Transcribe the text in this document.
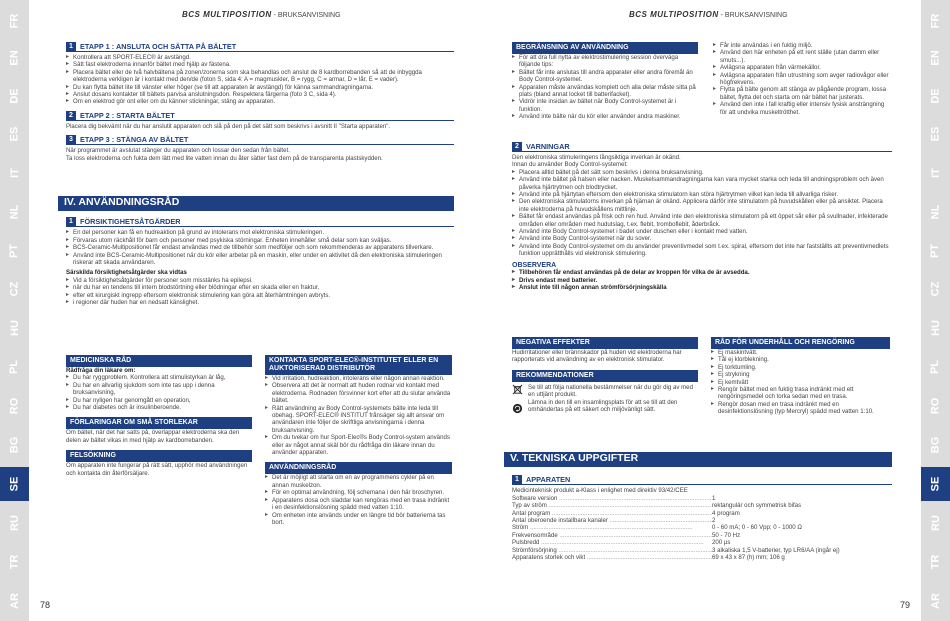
FR
EN
DE
ES
IT
NL
PT
CZ
HU
PL
RO
BG
SE
RU
TR
AR
FR
EN
DE
ES
IT
NL
PT
CZ
HU
PL
RO
BG
SE
RU
TR
AR
BCS MULTIPOSITION - BRUKSANVISNING	BCS MULTIPOSITION - BRUKSANVISNING
78	79
1 ETAPP 1 : ANSLUTA OCH SÄTTA PÅ BÄLTET
▸ Kontrollera att SPORT-ELEC® är avstängd.
▸ Sätt fast elektroderna innanför bältet med hjälp av fästena.
▸ Placera bältet eller de två halvbältena på zonen/zonerna som ska behandlas och anslut de 8 kardborrebanden så att de inbyggda elektroderna verkligen är i kontakt med den/de (foton S, sida 4: A = magmuskler, B = rygg, C = armar, D = lår, E = vader).
▸ Du kan flytta bältet lite till vänster eller höger (se till att apparaten är avstängd) för känna sammandragningarna.
▸ Anslut dosans kontakter till bältets parvisa anslutningsdon. Respektera färgerna (foto 3 C, sida 4).
▸ Om en elektrod gör ont eller om du känner stickningar, stäng av apparaten.
2 ETAPP 2 : STARTA BÄLTET

Placera dig bekvämt när du har anslutit apparaten och slå på den på det sätt som beskrivs i avsnitt II "Starta apparaten".

3 ETAPP 3 : STÄNGA AV BÄLTET

När programmet är avslutat stänger du apparaten och lossar den sedan från bältet.

Ta loss elektroderna och fukta dem lätt med lite vatten innan du åter sätter fast dem på de transparenta plastskydden.

IV. ANVÄNDNINGSRÅD
1 FÖRSIKTIGHETSÅTGÄRDER
▸ En del personer kan få en hudreaktion på grund av intolerans mot elektroniska stimuleringen.
▸ Förvaras utom räckhåll för barn och personer med psykiska störningar. Enheten innehåller små delar som kan sväljas.
▸ BCS-Ceramic-Multipositionet får endast användas med de tillbehör som medföljer och som rekommenderas av apparatens tillverkare.
▸ Använd inte BCS-Ceramic-Multipositionet när du kör eller arbetar på en maskin, eller under en aktivitet då den elektroniska stimuleringen riskerar att skada användaren.
Särskilda försiktighetsåtgärder ska vidtas
▸ Vid a försiktighetsåtgärder för personer som misstänks ha epilepsi.
▸ när du har en tendens till intern blodstörtning eller blödningar efter en skada eller en fraktur,
▸ efter ett kirurgiskt ingrepp eftersom elektronisk stimulering kan göra att återhämtningen avbryts.
▸ i regioner där huden har en nedsatt känslighet.
MEDICINSKA RÅD
Rådfråga din läkare om:
▸ Du har ryggproblem. Kontrollera att stimulistyrkan är låg,
▸ Du har en allvarlig sjukdom som inte tas upp i denna bruksanvisning,
▸ Du har nyligen har genomgått en operation,
▸ Du har diabetes och är insulinberoende.
FÖRLARINGAR OM SMÅ STORLEKAR

Om bältet, när det har satts på, överlappar elektroderna ska den delen av bältet vikas in med hjälp av kardborrebanden.

FELSÖKNING

Om apparaten inte fungerar på rätt sätt, upphör med användningen och kontakta din återförsäljare.

KONTAKTA SPORT-ELEC®-INSTITUTET ELLER EN AUKTORISERAD DISTRIBUTÖR
▸ Vid irritation, hudreaktion, intolerans eller någon annan reaktion.
▸ Observera att det är normalt att huden rodnar vid kontakt med elektroderna. Rodnaden försvinner kort efter att du slutar använda bältet.
▸ Rätt användning av Body Control-systemets bälte inte leda till obehag. SPORT-ELEC® INSTITUT frånsäger sig allt ansvar om användaren inte följer de skriftliga anvisningarna i denna bruksanvisning.
▸ Om du tvekar om hur Sport-Elec®s Body Control-system används eller av något annat skäl bör du rådfråga din läkare innan du använder apparaten.
ANVÄNDNINGSRÅD
▸ Det är möjligt att starta om en av programmens cykler på en annan muskelzon.
▸ För en optimal användning, följ schemana i den här broschyren.
▸ Apparatens dosa och sladdar kan rengöras med en trasa indränkt i en desinfektionslösning spädd med vatten 1:10.
▸ Om enheten inte används under en längre tid bör batterierna tas bort.
BEGRÄNSNING AV ANVÄNDNING
▸ För att dra full nytta av elektrostimulering session överväga följande tips:
▸ Bältet får inte anslutas till andra apparater eller andra föremål än Body Control-systemet.
▸ Apparaten måste användas komplett och alla delar måste sitta på plats (bland annat locket till batterifacket).
▸ Vidrör inte insidan av bältet när Body Control-systemet är i funktion.
▸ Använd inte bälte när du kör eller använder andra maskiner.
▸ Får inte användas i en fuktig miljö.
▸ Använd den här enheten på ett rent ställe (utan damm eller smuts...).
▸ Avlägsna apparaten från värmekällor.
▸ Avlägsna apparaten från utrustning som avger radiovågor eller högfrekvens.
▸ Flytta på bälte genom att stänga av pågående program, lossa bältet, flytta det och starta om när bältet har justerats.
▸ Använd den inte i fall kraftig eller intensiv fysisk ansträngning för att undvika muskeltrötthet.
2 VARNINGAR

Den elektroniska stimuleringens långsiktiga inverkan är okänd.

Innan du använder Body Control-systemet:

▸ Placera alltid bältet på det sätt som beskrivs i denna bruksanvisning.
▸ Använd inte bältet på halsen eller nacken. Muskelsammandragningarna kan vara mycket starka och leda till andningsproblem och även påverka hjärtrytmen och blodtrycket.
▸ Använd inte på hjärtytan eftersom den elektroniska stimulatorn kan störa hjärtrytmen vilket kan leda till allvarliga risker.
▸ Den elektroniska stimulatorns inverkan på hjärnan är okänd. Applicera därför inte stimulatorn på huvudskållen eller på ansiktet. Placera inte elektroderna på huvudskållens mittlinje.
▸ Bältet får endast användas på frisk och ren hud. Använd inte den elektroniska stimulatorn på ett öppet sår eller på svullnader, infekterade områden eller områden med hudutslag, t.ex. flebit, tromboflebit, åderbråck.
▸ Använd inte Body Control-systemet i badet under duschen eller i kontakt med vatten.
▸ Använd inte Body Control-systemet när du sover.
▸ Använd inte Body Control-systemet om du använder preventivmedel som t.ex. spiral, eftersom det inte har fastställts att preventivmedlets funktion upprätthålls vid elektronisk stimulering.
OBSERVERA
▸ Tillbehören får endast användas på de delar av kroppen för vilka de är avsedda.
▸ Drivs endast med batterier.
▸ Anslut inte till någon annan strömförsörjningskälla
NEGATIVA EFFEKTER

Hudirritationer eller brännskador på huden vid elektroderna har rapporterats vid användning av en elektronisk stimulator.

REKOMMENDATIONER

Se till att följa nationella bestämmelser när du gör dig av med en uttjänt produkt.

Lämna in den till en insamlingsplats för att se till att den omhändertas på ett säkert och miljövänligt sätt.

RÅD FÖR UNDERHÅLL OCH RENGÖRING
▸ Ej maskintvätt.
▸ Tål ej klorblekning.
▸ Ej torktumling.
▸ Ej strykning
▸ Ej kemtvätt
▸ Rengör bältet med en fuktig trasa indränkt med ett rengöringsmedel och torka sedan med en trasa.
▸ Rengör dosan med en trasa indränkt med en desinfektionslösning (typ Mercryl) spädd med vatten 1:10.
V. TEKNISKA UPPGIFTER
1 APPARATEN

Medicinteknisk produkt a-Klass i enlighet med direktiv 93/42/CEE

Software version .....	1
Typ av ström .....	rektangulär och symmetrisk bifas
Antal program .....	4 program
Antal oberoende installbara kanaler .....	2
Ström .....	0 - 60 mA; 0 - 60 Vpp; 0 - 1000 Ω
Frekvensområde .....	50 - 70 Hz
Pulsbredd .....	200 µs
Strömförsörjning .....	3 alkaliska 1,5 V-batterier, typ LR6/AA (ingår ej)
Apparatens storlek och vikt .....	69 x 43 x 87 (h) mm; 106 g
